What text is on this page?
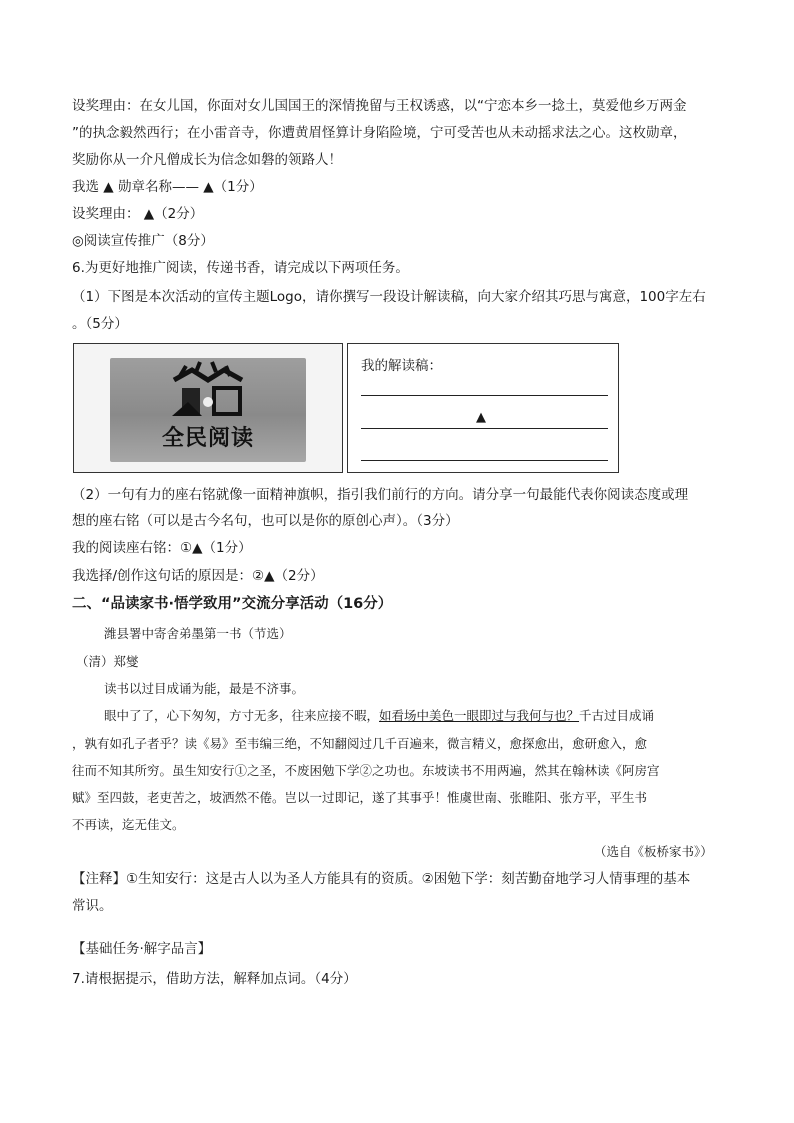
设奖理由：在女儿国，你面对女儿国国王的深情挽留与王权诱惑，以“宁恋本乡一捻土，莫爱他乡万两金
”的执念毅然西行；在小雷音寺，你遭黄眉怪算计身陷险境，宁可受苦也从未动摇求法之心。这枚勋章，
奖励你从一介凡僧成长为信念如磐的领路人！
我选 ▲ 勋章名称—— ▲（1分）
设奖理由： ▲（2分）
◎阅读宣传推广（8分）
6.为更好地推广阅读，传递书香，请完成以下两项任务。
（1）下图是本次活动的宣传主题Logo，请你撰写一段设计解读稿，向大家介绍其巧思与寓意，100字左右
。（5分）
全民阅读
我的解读稿：
▲
（2）一句有力的座右铭就像一面精神旗帜，指引我们前行的方向。请分享一句最能代表你阅读态度或理
想的座右铭（可以是古今名句，也可以是你的原创心声）。（3分）
我的阅读座右铭：①▲（1分）
我选择/创作这句话的原因是：②▲（2分）
二、“品读家书·悟学致用”交流分享活动（16分）
潍县署中寄舍弟墨第一书（节选）
（清）郑燮
读书以过目成诵为能，最是不济事。
眼中了了，心下匆匆，方寸无多，往来应接不暇，如看场中美色一眼即过与我何与也？千古过目成诵
，孰有如孔子者乎？读《易》至韦编三绝，不知翻阅过几千百遍来，微言精义，愈探愈出，愈研愈入，愈
往而不知其所穷。虽生知安行①之圣，不废困勉下学②之功也。东坡读书不用两遍，然其在翰林读《阿房宫
赋》至四鼓，老吏苦之，坡洒然不倦。岂以一过即记，遂了其事乎！惟虞世南、张睢阳、张方平，平生书
不再读，迄无佳文。
（选自《板桥家书》）
【注释】①生知安行：这是古人以为圣人方能具有的资质。②困勉下学：刻苦勤奋地学习人情事理的基本
常识。
【基础任务·解字品言】
7.请根据提示，借助方法，解释加点词。（4分）
